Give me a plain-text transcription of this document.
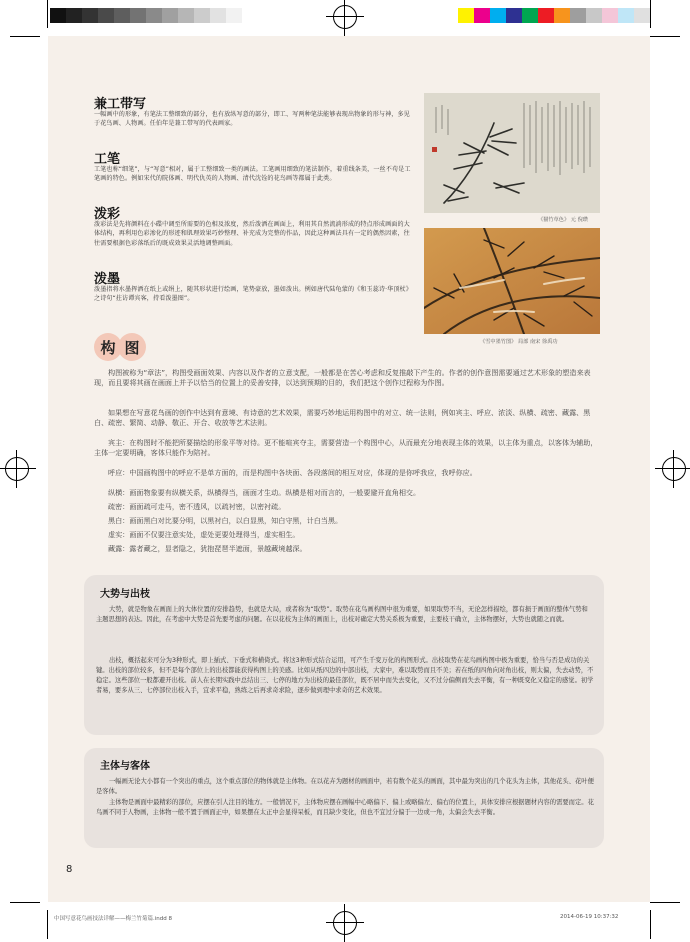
兼工带写

一幅画中的形象，有笔法工整细致的部分，也有放纵写意的部分，即工、写两种笔法能够表现出物象的形与神，多见于花鸟画、人物画。任伯年是兼工带写的代表画家。

工笔

工笔也称“细笔”，与“写意”相对，属于工整细致一类的画法。工笔画用细致的笔法制作，着重线条美，一丝不苟是工笔画的特色。例如宋代的院体画、明代仇英的人物画、清代沈铨的花鸟画等都属于此类。

泼彩

泼彩法是先将颜料在小碟中调至所需要的色相及浓度，然后泼洒在画面上，利用其自然流淌形成的特点形成画面的大体结构，再利用色彩渗化的形迹和肌理效果巧妙整理、补充成为完整的作品，因此这种画法具有一定的偶然因素，往往需要根据色彩落纸后的既成效果灵活地调整画面。

泼墨

泼墨指将水墨挥洒在纸上或绢上，随其形状进行绘画，笔势豪放，墨如泼出。例如唐代陆龟蒙的《和玉蕊诗·华顶杖》之诗句“拄访谭宾客，持看泼墨图”。

《猫竹草色》 元 倪瓒
《雪中墨竹图》 局部 南宋 徐禹功
构 图

构图被称为“章法”，构图受画面效果、内容以及作者的立意支配，一般都是在苦心考虑和反复推敲下产生的。作者的创作意图需要通过艺术形象的塑造来表现，而且要将其画在画面上并予以恰当的位置上的妥善安排，以达到预期的目的，我们把这个创作过程称为作图。

如果想在写意花鸟画的创作中达到有意境、有诗意的艺术效果，需要巧妙地运用构图中的对立、统一法则，例如宾主、呼应、浓淡、纵横、疏密、藏露、黑白、疏密、繁简、动静、敬正、开合、收放等艺术法则。

宾主：在构图时不能把所要描绘的形象平等对待。更不能喧宾夺主，需要营造一个构图中心，从而最充分地表现主体的效果，以主体为重点，以客体为辅助，主体一定要明确，客体只能作为陪衬。

呼应：中国画构图中的呼应不是单方面的，而是构图中各块面、各段落间的相互对应，体现的是你呼我应，我呼你应。

纵横：画面物象要有纵横关系，纵横得当，画面才生动。纵横是相对而言的，一般要避开直角相交。

疏密：画面疏可走马，密不透风，以疏衬密，以密衬疏。

黑白：画面黑白对比要分明，以黑衬白，以白显黑，知白守黑，计白当黑。

虚实：画面不仅要注意实处，虚处更要处理得当，虚实相生。

藏露：露者藏之，显者隐之，犹抱琵琶半遮面，景越藏境越深。

大势与出枝

大势，就是物象在画面上的大体位置的安排趋势，也就是大局，或者称为“取势”。取势在花鸟画构图中很为重要，如果取势不当，无论怎样描绘，都有损于画面的整体气势和主题思想的表达。因此，在考虑中大势是首先要考虑的问题。在以花枝为主体的画面上，出枝对确定大势关系极为重要，主要枝干确立，主体物摆好，大势也就随之而就。

出枝，概括起来可分为3种形式，即上插式、下垂式和横倚式。将这3种形式结合运用，可产生千变万化的构图形式。出枝取势在花鸟画构图中极为重要，恰当与否是成功的关键。出枝的部位较多，但不是每个部位上的出枝都能获得构图上的美感。比如从纸四边的中部出枝，大家中，难以取势而且不美；若在纸的四角向对角出枝，则太偏，失去动势，不稳定。这些部位一般都避开出枝。前人在长期实践中总结出三、七停的地方为出枝的最佳部位，既不居中而失去变化，又不过分偏侧而失去平衡，有一种既变化又稳定的感觉。初学者易，要多从三、七停部位出枝入手，宜求平稳，熟练之后再求奇求险，逐步做到理中求奇的艺术效果。

主体与客体

一幅画无论大小都有一个突出的重点，这个重点部位的物体就是主体物。在以花卉为题材的画面中，若有数个花头的画面，其中最为突出的几个花头为主体，其他花头、花叶便是客体。

主体物是画面中最精彩的部位，应摆在引人注目的地方。一般情况下，主体物应摆在画幅中心略偏下、偏上或略偏左、偏右的位置上，具体安排应根据题材内容的需要而定。花鸟画不同于人物画，主体物一般不置于画面正中，如果摆在太正中会显得呆板，而且缺少变化，但也不宜过分偏于一边或一角，太偏会失去平衡。

8
中国写意花鸟画技法详解——梅兰竹菊篇.indd 8	2014-06-19 10:37:32
